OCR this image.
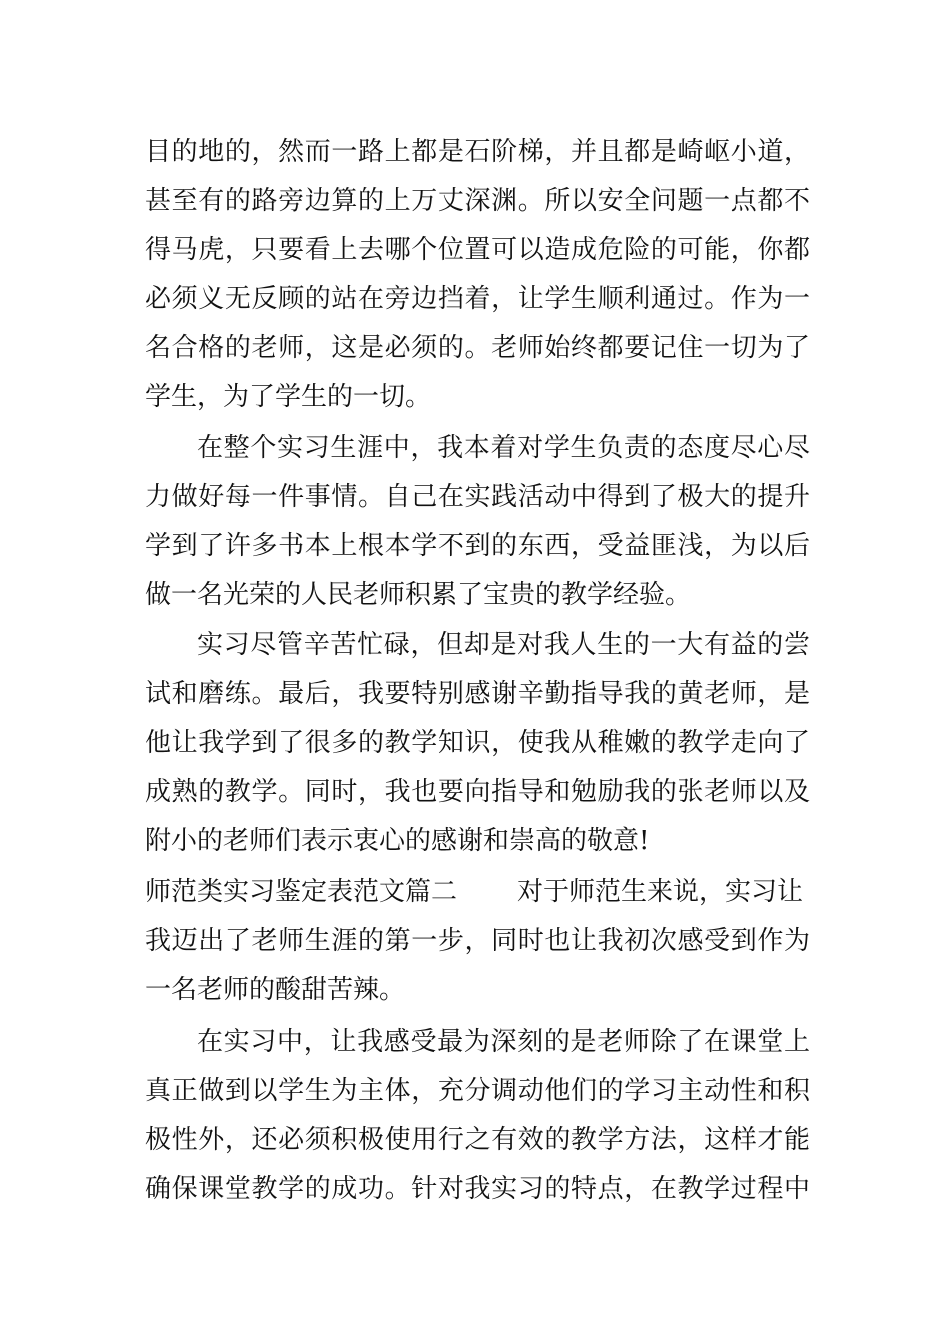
目的地的，然而一路上都是石阶梯，并且都是崎岖小道，
甚至有的路旁边算的上万丈深渊。所以安全问题一点都不
得马虎，只要看上去哪个位置可以造成危险的可能，你都
必须义无反顾的站在旁边挡着，让学生顺利通过。作为一
名合格的老师，这是必须的。老师始终都要记住一切为了
学生，为了学生的一切。
在整个实习生涯中，我本着对学生负责的态度尽心尽
力做好每一件事情。自己在实践活动中得到了极大的提升
学到了许多书本上根本学不到的东西，受益匪浅，为以后
做一名光荣的人民老师积累了宝贵的教学经验。
实习尽管辛苦忙碌，但却是对我人生的一大有益的尝
试和磨练。最后，我要特别感谢辛勤指导我的黄老师，是
他让我学到了很多的教学知识，使我从稚嫩的教学走向了
成熟的教学。同时，我也要向指导和勉励我的张老师以及
附小的老师们表示衷心的感谢和崇高的敬意!
师范类实习鉴定表范文篇二 对于师范生来说，实习让
我迈出了老师生涯的第一步，同时也让我初次感受到作为
一名老师的酸甜苦辣。
在实习中，让我感受最为深刻的是老师除了在课堂上
真正做到以学生为主体，充分调动他们的学习主动性和积
极性外，还必须积极使用行之有效的教学方法，这样才能
确保课堂教学的成功。针对我实习的特点，在教学过程中
